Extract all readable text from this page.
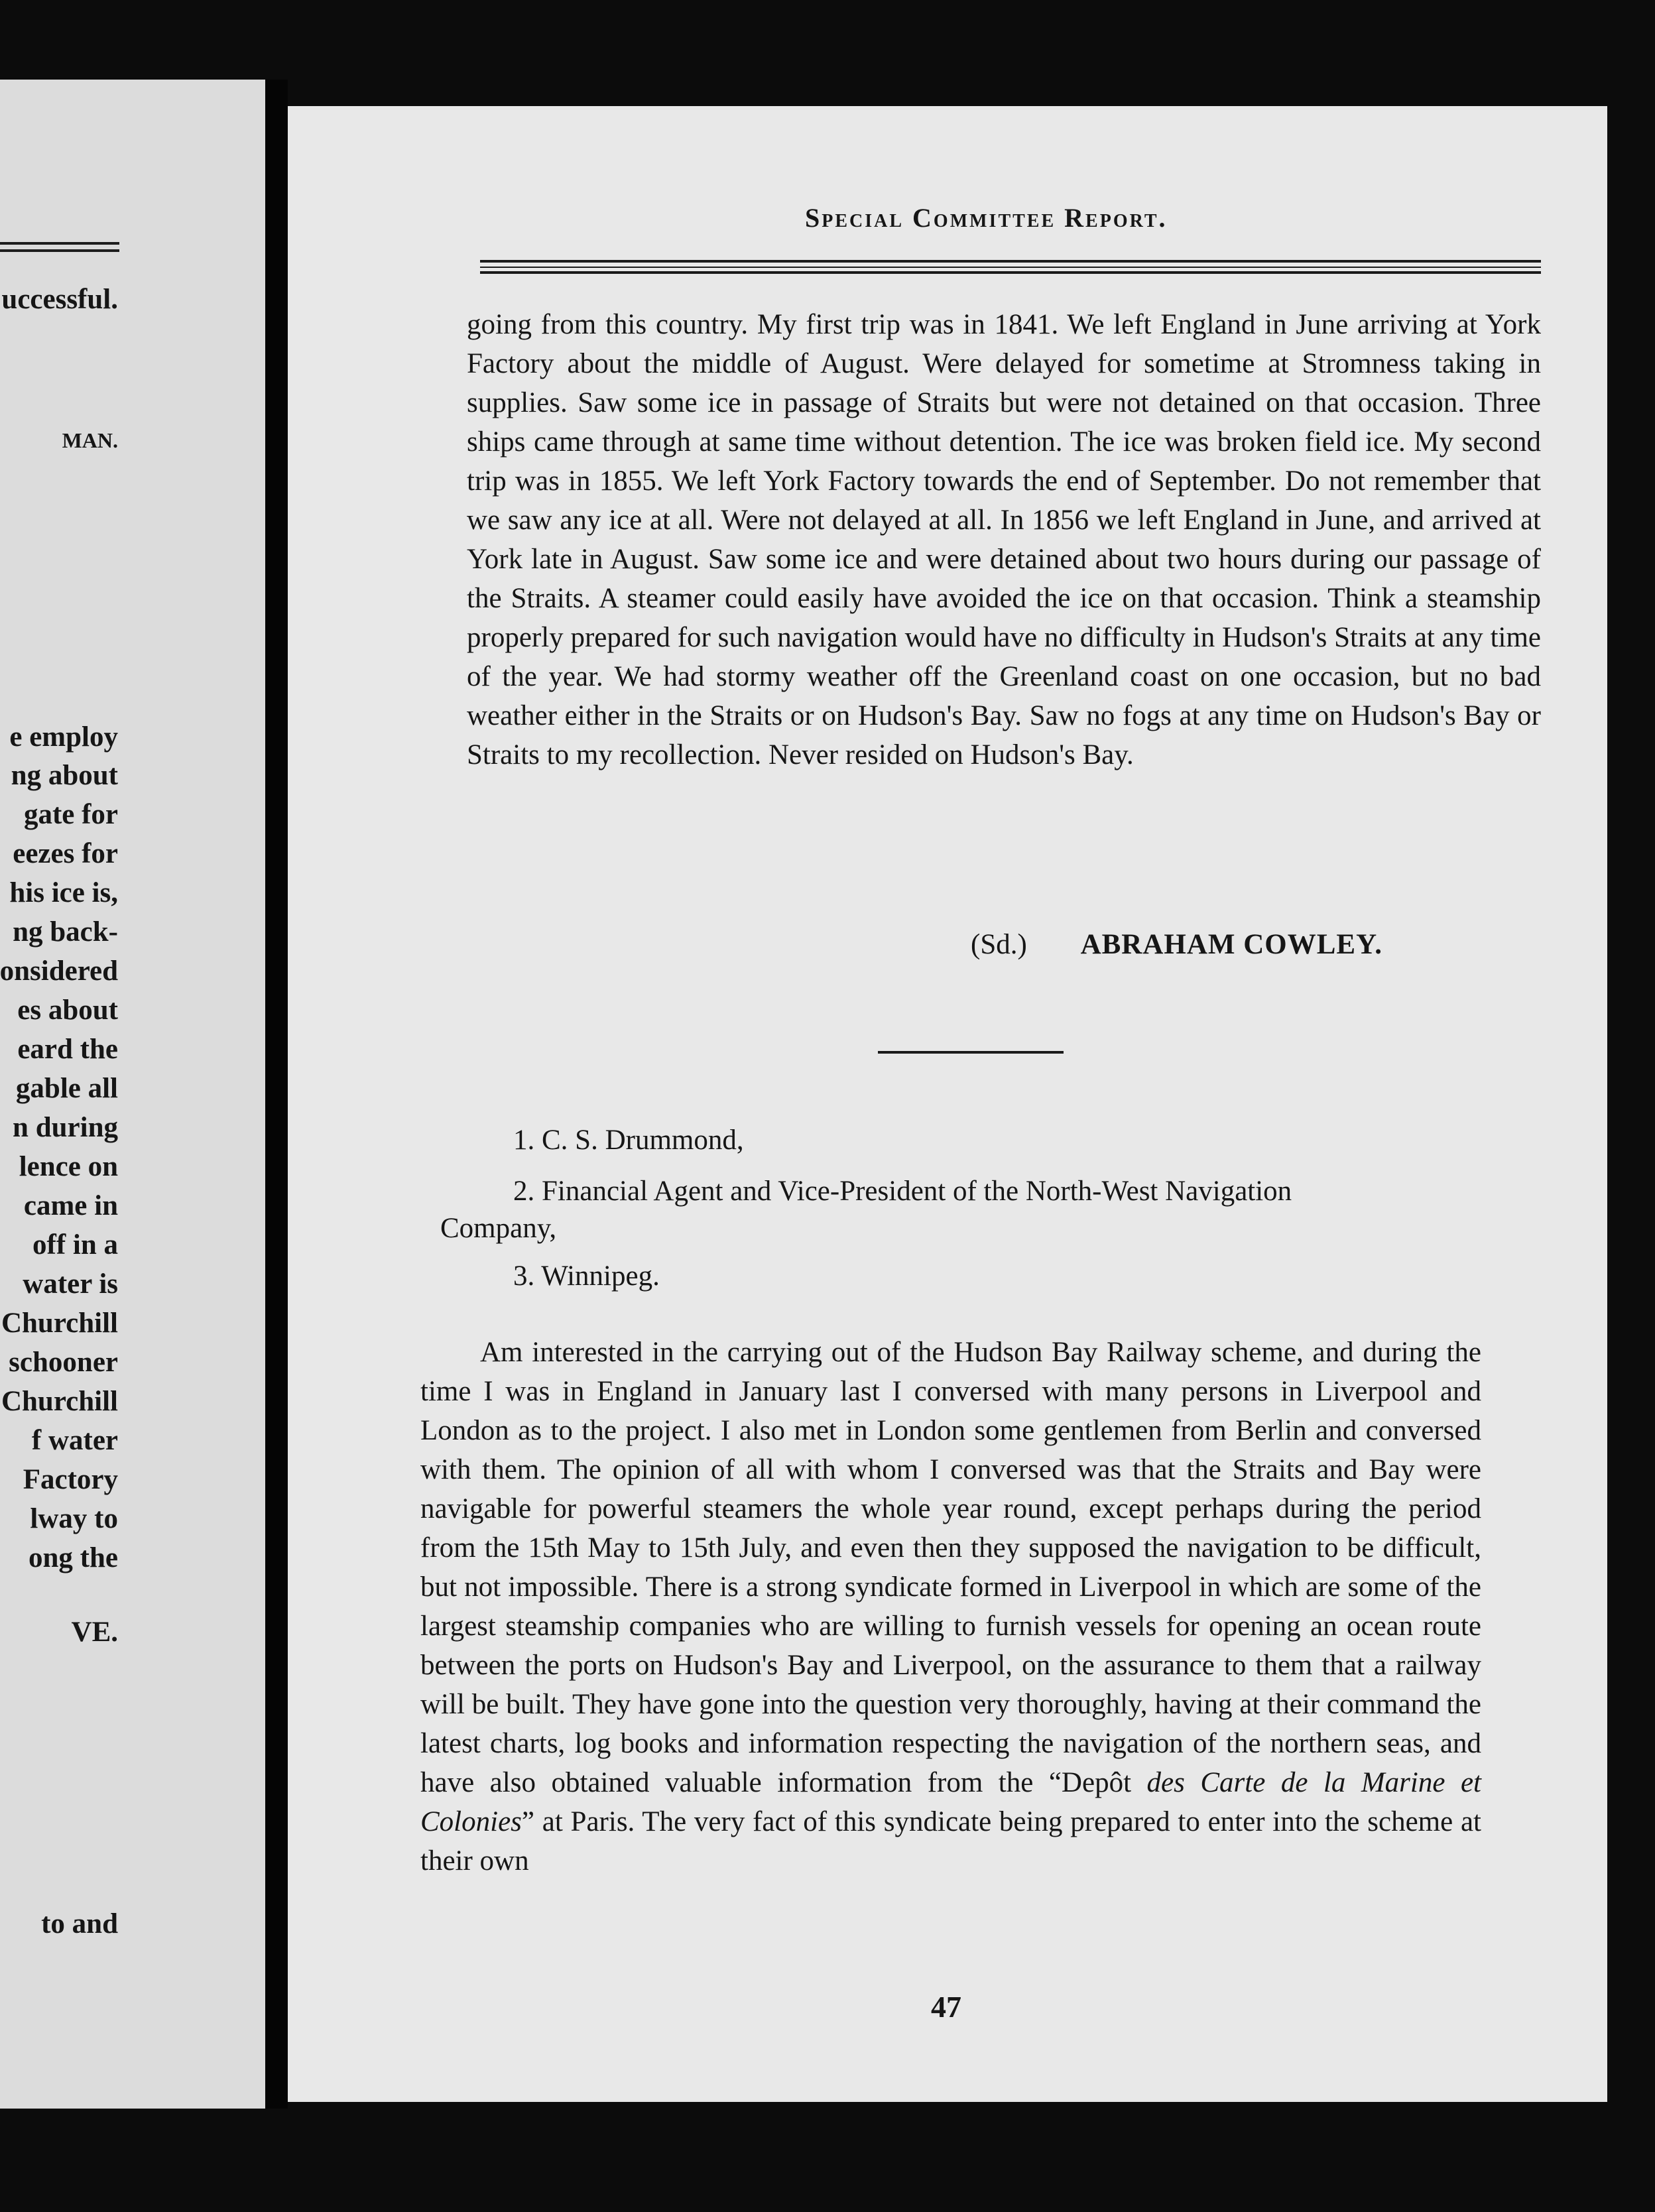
uccessful.
MAN.
e employ
ng about
gate for
eezes for
his ice is,
ng back-
onsidered
es about
eard the
gable all
n during
lence on
came in
off in a
water is
Churchill
schooner
Churchill
f water
Factory
lway to
ong the
VE.
to and
Special Committee Report.

going from this country. My first trip was in 1841. We left England in June arriving at York Factory about the middle of August. Were delayed for sometime at Stromness taking in supplies. Saw some ice in passage of Straits but were not detained on that occasion. Three ships came through at same time without detention. The ice was broken field ice. My second trip was in 1855. We left York Factory towards the end of September. Do not remember that we saw any ice at all. Were not delayed at all. In 1856 we left England in June, and arrived at York late in August. Saw some ice and were detained about two hours during our passage of the Straits. A steamer could easily have avoided the ice on that occasion. Think a steamship properly prepared for such navigation would have no difficulty in Hudson's Straits at any time of the year. We had stormy weather off the Greenland coast on one occasion, but no bad weather either in the Straits or on Hudson's Bay. Saw no fogs at any time on Hudson's Bay or Straits to my recollection. Never resided on Hudson's Bay.

(Sd.) ABRAHAM COWLEY.
1. C. S. Drummond,
2. Financial Agent and Vice-President of the North-West Navigation
Company,
3. Winnipeg.

Am interested in the carrying out of the Hudson Bay Railway scheme, and during the time I was in England in January last I conversed with many persons in Liverpool and London as to the project. I also met in London some gentlemen from Berlin and conversed with them. The opinion of all with whom I conversed was that the Straits and Bay were navigable for powerful steamers the whole year round, except perhaps during the period from the 15th May to 15th July, and even then they supposed the navigation to be difficult, but not impossible. There is a strong syndicate formed in Liverpool in which are some of the largest steamship companies who are willing to furnish vessels for opening an ocean route between the ports on Hudson's Bay and Liverpool, on the assurance to them that a railway will be built. They have gone into the question very thoroughly, having at their command the latest charts, log books and information respecting the navigation of the northern seas, and have also obtained valuable information from the “Depôt des Carte de la Marine et Colonies” at Paris. The very fact of this syndicate being prepared to enter into the scheme at their own

47
